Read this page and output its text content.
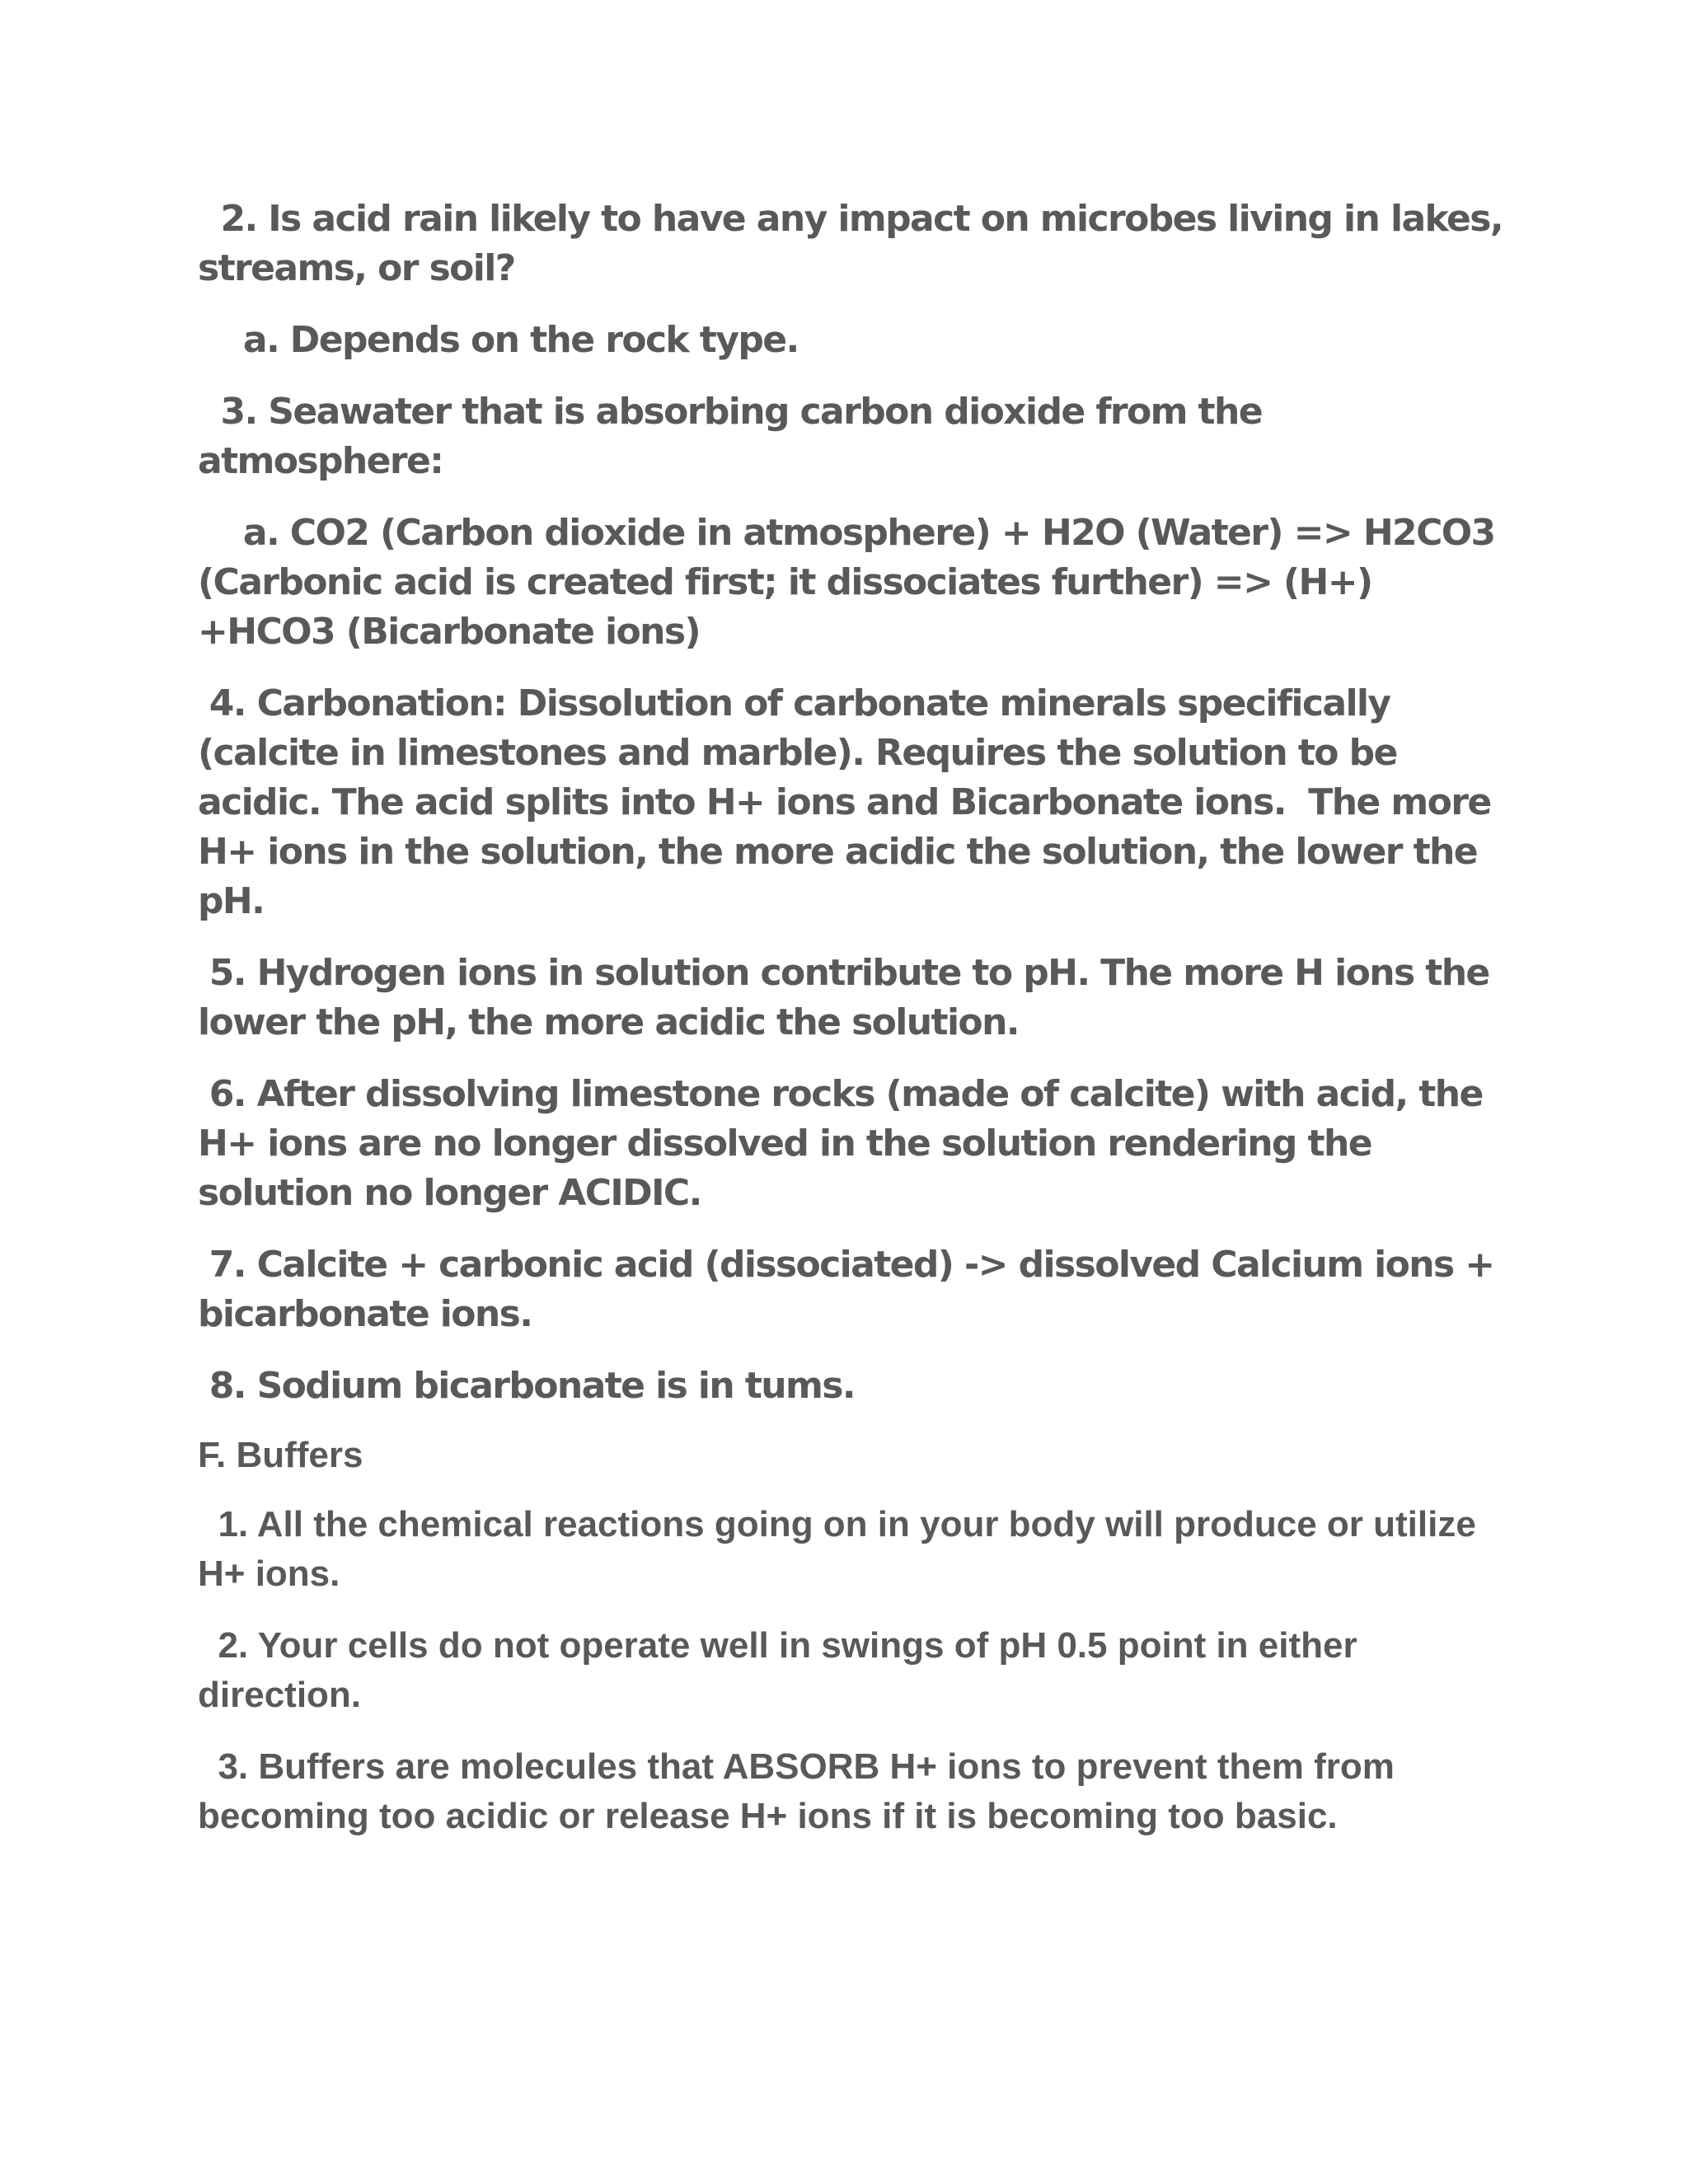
2. Is acid rain likely to have any impact on microbes living in lakes, streams, or soil?

a. Depends on the rock type.

3. Seawater that is absorbing carbon dioxide from the atmosphere:

a. CO2 (Carbon dioxide in atmosphere) + H2O (Water) => H2CO3 (Carbonic acid is created first; it dissociates further) => (H+) +HCO3 (Bicarbonate ions)

4. Carbonation: Dissolution of carbonate minerals specifically (calcite in limestones and marble). Requires the solution to be acidic. The acid splits into H+ ions and Bicarbonate ions.  The more H+ ions in the solution, the more acidic the solution, the lower the pH.

5. Hydrogen ions in solution contribute to pH. The more H ions the lower the pH, the more acidic the solution.

6. After dissolving limestone rocks (made of calcite) with acid, the H+ ions are no longer dissolved in the solution rendering the solution no longer ACIDIC.

7. Calcite + carbonic acid (dissociated) -> dissolved Calcium ions + bicarbonate ions.

8. Sodium bicarbonate is in tums.

F. Buffers

1. All the chemical reactions going on in your body will produce or utilize H+ ions.

2. Your cells do not operate well in swings of pH 0.5 point in either direction.

3. Buffers are molecules that ABSORB H+ ions to prevent them from becoming too acidic or release H+ ions if it is becoming too basic.
